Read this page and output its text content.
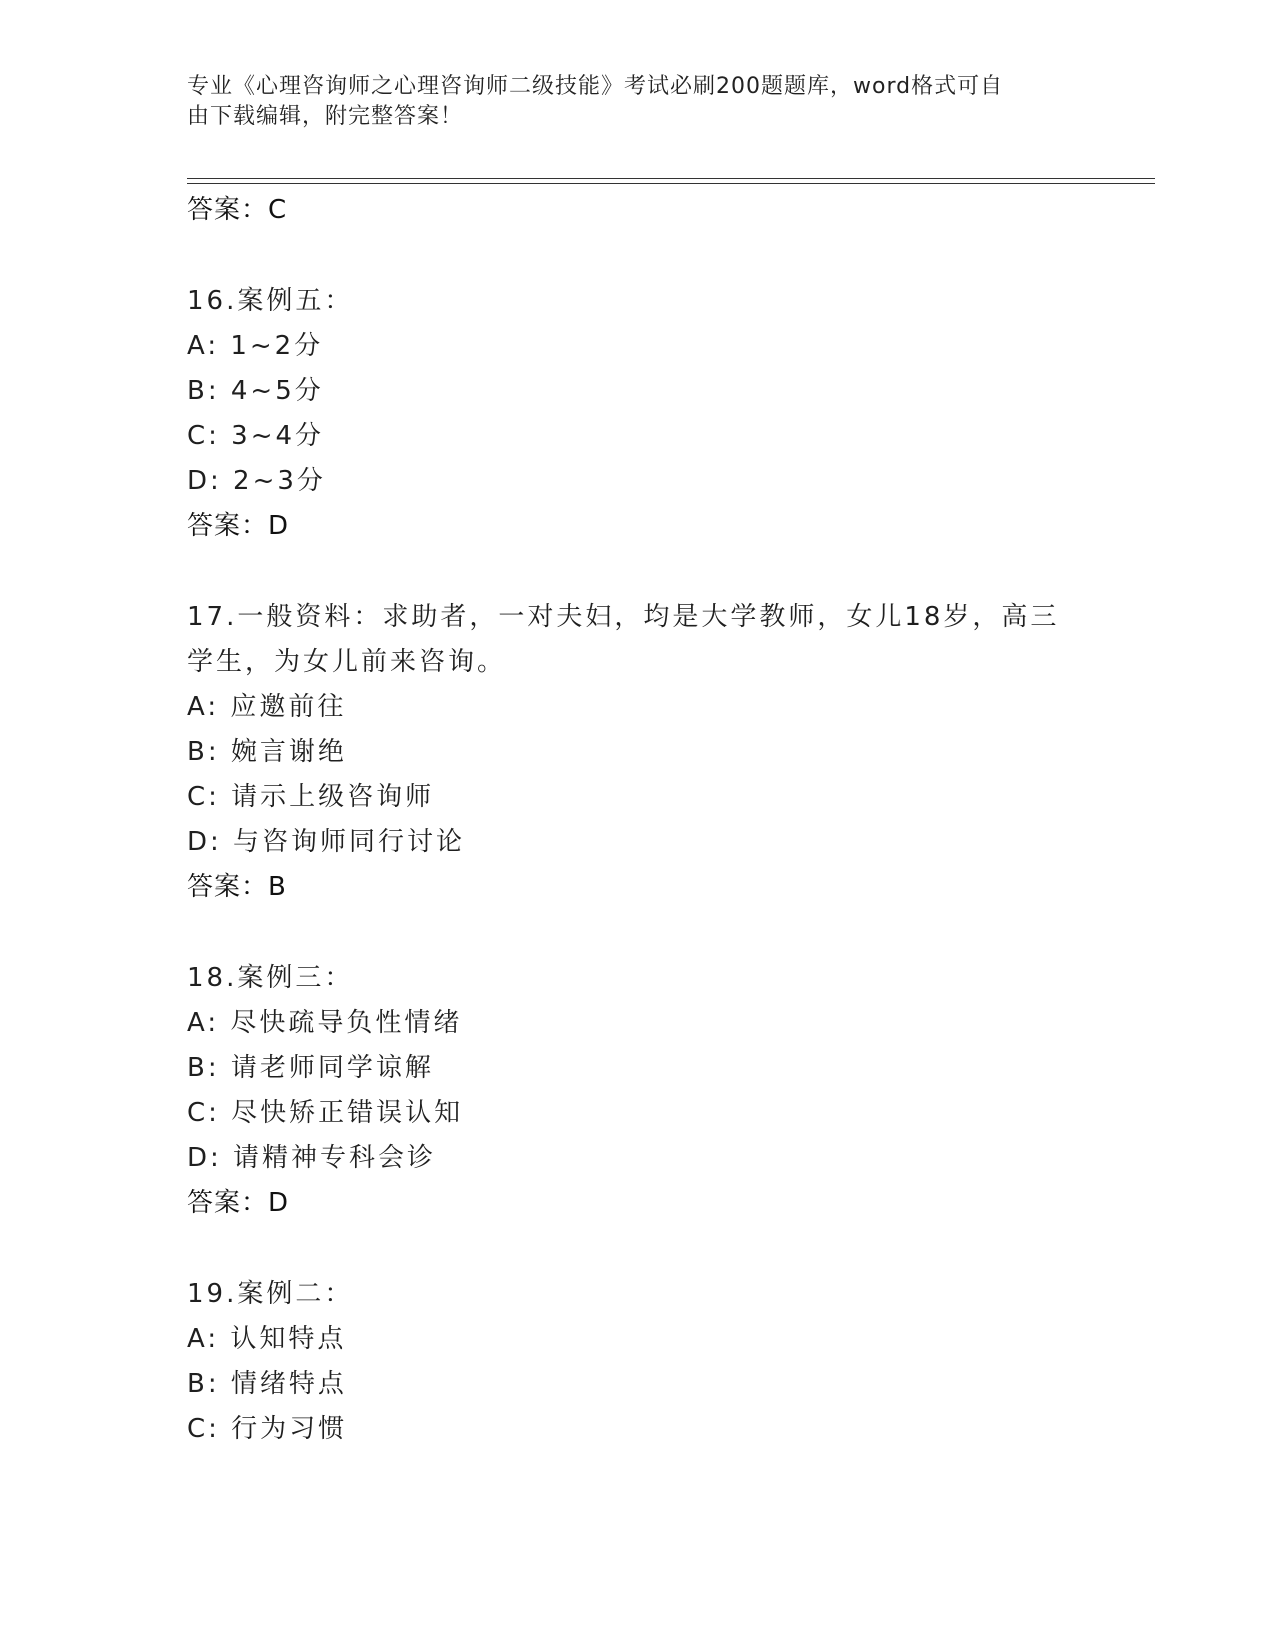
专业《心理咨询师之心理咨询师二级技能》考试必刷200题题库，word格式可自
由下载编辑，附完整答案！
答案：C
16.案例五：
A: 1~2分
B: 4~5分
C: 3~4分
D: 2~3分
答案：D
17.一般资料：求助者，一对夫妇，均是大学教师，女儿18岁，高三
学生，为女儿前来咨询。
A: 应邀前往
B: 婉言谢绝
C: 请示上级咨询师
D: 与咨询师同行讨论
答案：B
18.案例三：
A: 尽快疏导负性情绪
B: 请老师同学谅解
C: 尽快矫正错误认知
D: 请精神专科会诊
答案：D
19.案例二：
A: 认知特点
B: 情绪特点
C: 行为习惯
